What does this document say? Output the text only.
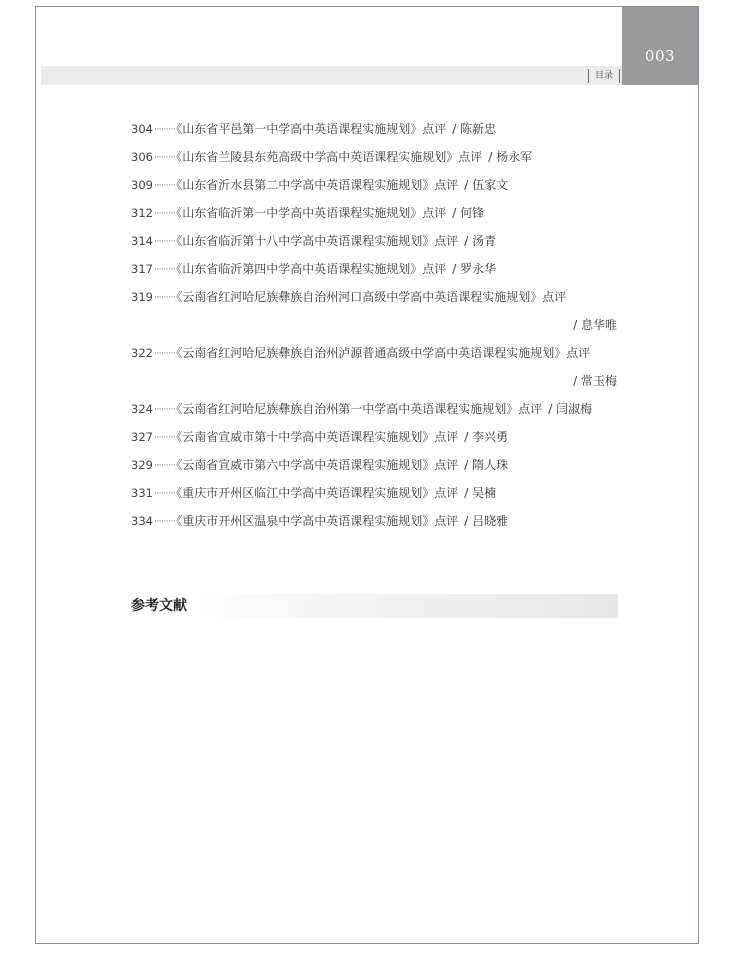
003
目录
304·········《山东省平邑第一中学高中英语课程实施规划》点评 / 陈新忠
306·········《山东省兰陵县东苑高级中学高中英语课程实施规划》点评 / 杨永军
309·········《山东省沂水县第二中学高中英语课程实施规划》点评 / 伍家文
312·········《山东省临沂第一中学高中英语课程实施规划》点评 / 何锋
314·········《山东省临沂第十八中学高中英语课程实施规划》点评 / 汤青
317·········《山东省临沂第四中学高中英语课程实施规划》点评 / 罗永华
319·········《云南省红河哈尼族彝族自治州河口高级中学高中英语课程实施规划》点评
/ 息华唯
322·········《云南省红河哈尼族彝族自治州泸源普通高级中学高中英语课程实施规划》点评
/ 常玉梅
324·········《云南省红河哈尼族彝族自治州第一中学高中英语课程实施规划》点评 / 闫淑梅
327·········《云南省宣威市第十中学高中英语课程实施规划》点评 / 李兴勇
329·········《云南省宣威市第六中学高中英语课程实施规划》点评 / 隋人珠
331·········《重庆市开州区临江中学高中英语课程实施规划》点评 / 吴楠
334·········《重庆市开州区温泉中学高中英语课程实施规划》点评 / 吕晓雅
参考文献
